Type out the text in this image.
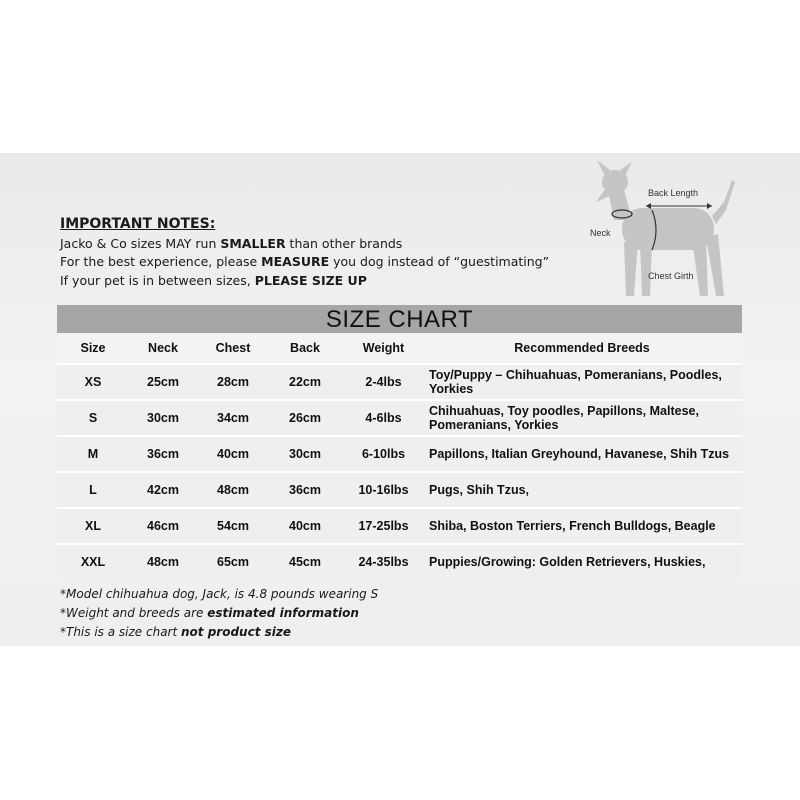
IMPORTANT NOTES:
Jacko & Co sizes MAY run SMALLER than other brands
For the best experience, please MEASURE you dog instead of “guestimating”
If your pet is in between sizes, PLEASE SIZE UP
Back Length
Neck
Chest Girth
SIZE CHART
Size	Neck	Chest	Back	Weight	Recommended Breeds
XS	25cm	28cm	22cm	2-4lbs	Toy/Puppy – Chihuahuas, Pomeranians, Poodles, Yorkies
S	30cm	34cm	26cm	4-6lbs	Chihuahuas, Toy poodles, Papillons, Maltese, Pomeranians, Yorkies
M	36cm	40cm	30cm	6-10lbs	Papillons, Italian Greyhound, Havanese, Shih Tzus
L	42cm	48cm	36cm	10-16lbs	Pugs, Shih Tzus,
XL	46cm	54cm	40cm	17-25lbs	Shiba, Boston Terriers, French Bulldogs, Beagle
XXL	48cm	65cm	45cm	24-35lbs	Puppies/Growing: Golden Retrievers, Huskies,
*Model chihuahua dog, Jack, is 4.8 pounds wearing S
*Weight and breeds are estimated information
*This is a size chart not product size
